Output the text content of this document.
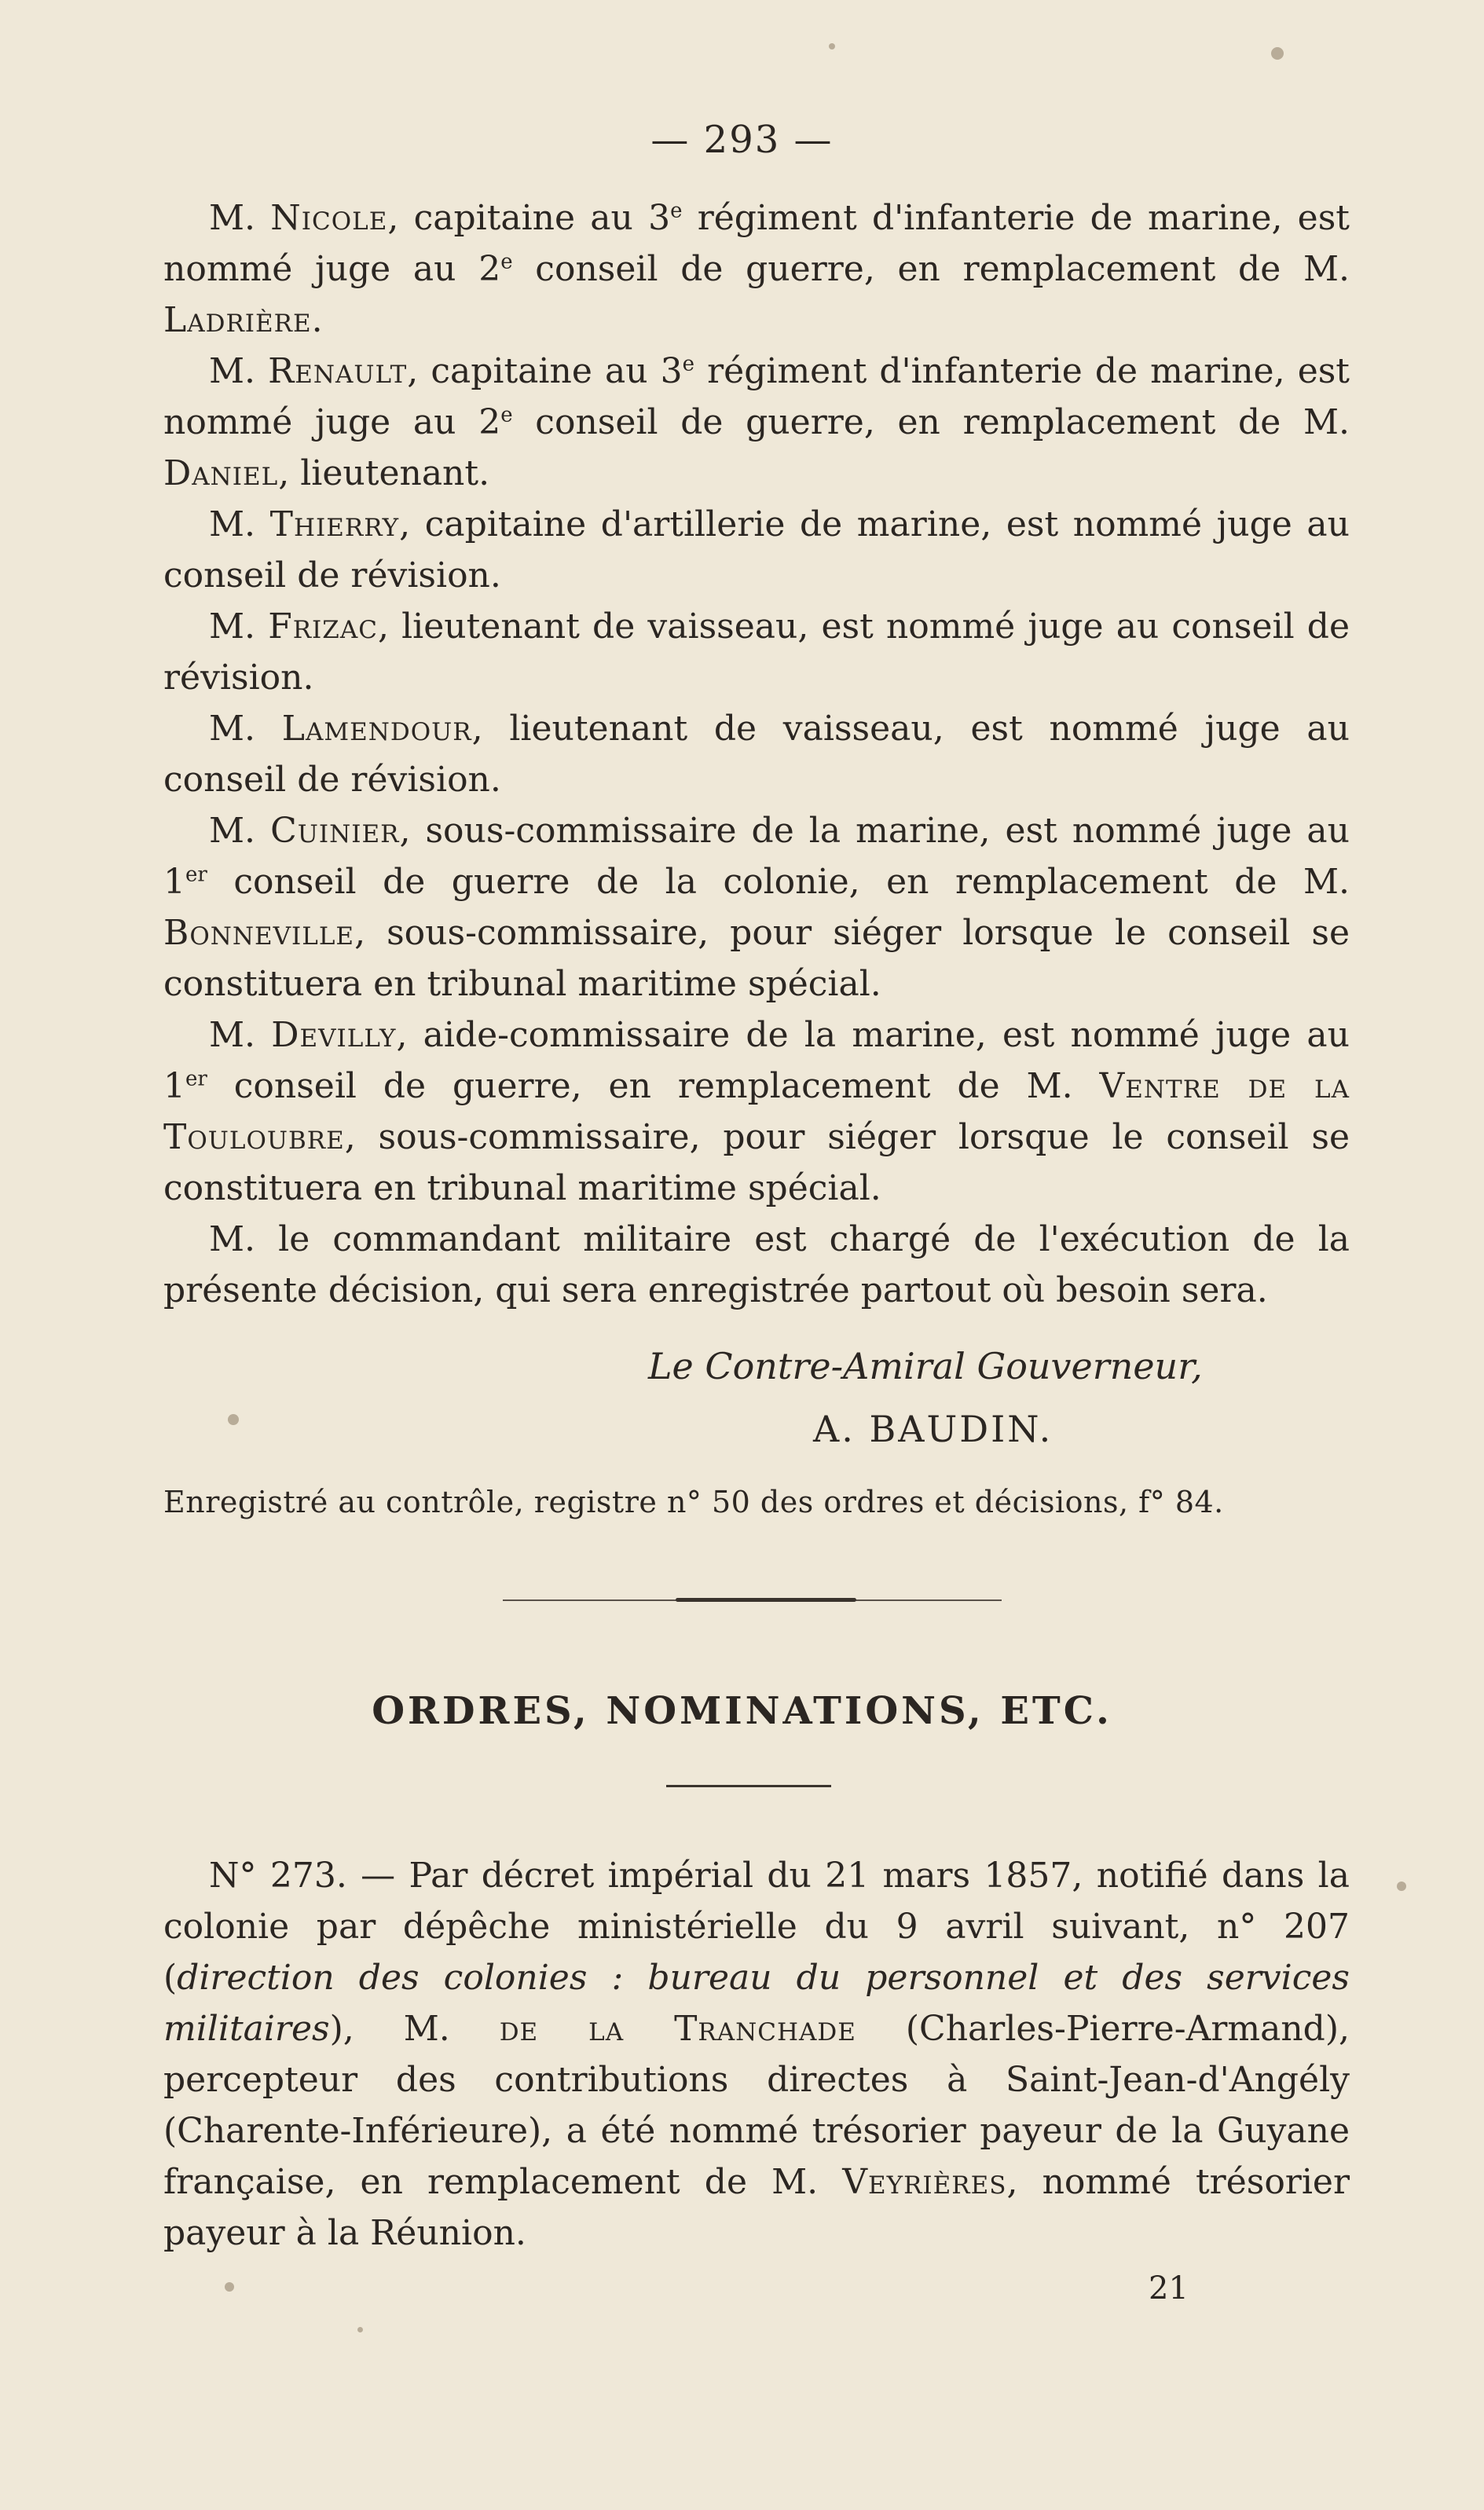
— 293 —

M. Nicole, capitaine au 3e régiment d'infanterie de marine, est nommé juge au 2e conseil de guerre, en remplacement de M. Ladrière.

M. Renault, capitaine au 3e régiment d'infanterie de marine, est nommé juge au 2e conseil de guerre, en remplacement de M. Daniel, lieutenant.

M. Thierry, capitaine d'artillerie de marine, est nommé juge au conseil de révision.

M. Frizac, lieutenant de vaisseau, est nommé juge au conseil de révision.

M. Lamendour, lieutenant de vaisseau, est nommé juge au conseil de révision.

M. Cuinier, sous-commissaire de la marine, est nommé juge au 1er conseil de guerre de la colonie, en remplacement de M. Bonneville, sous-commissaire, pour siéger lorsque le conseil se constituera en tribunal maritime spécial.

M. Devilly, aide-commissaire de la marine, est nommé juge au 1er conseil de guerre, en remplacement de M. Ventre de la Touloubre, sous-commissaire, pour siéger lorsque le conseil se constituera en tribunal maritime spécial.

M. le commandant militaire est chargé de l'exécution de la présente décision, qui sera enregistrée partout où besoin sera.

Le Contre-Amiral Gouverneur,
A. BAUDIN.
Enregistré au contrôle, registre n° 50 des ordres et décisions, f° 84.
ORDRES, NOMINATIONS, ETC.

N° 273. — Par décret impérial du 21 mars 1857, notifié dans la colonie par dépêche ministérielle du 9 avril suivant, n° 207 (direction des colonies : bureau du personnel et des services militaires), M. de la Tranchade (Charles-Pierre-Armand), percepteur des contributions directes à Saint-Jean-d'Angély (Charente-Inférieure), a été nommé trésorier payeur de la Guyane française, en remplacement de M. Veyrières, nommé trésorier payeur à la Réunion.

21
